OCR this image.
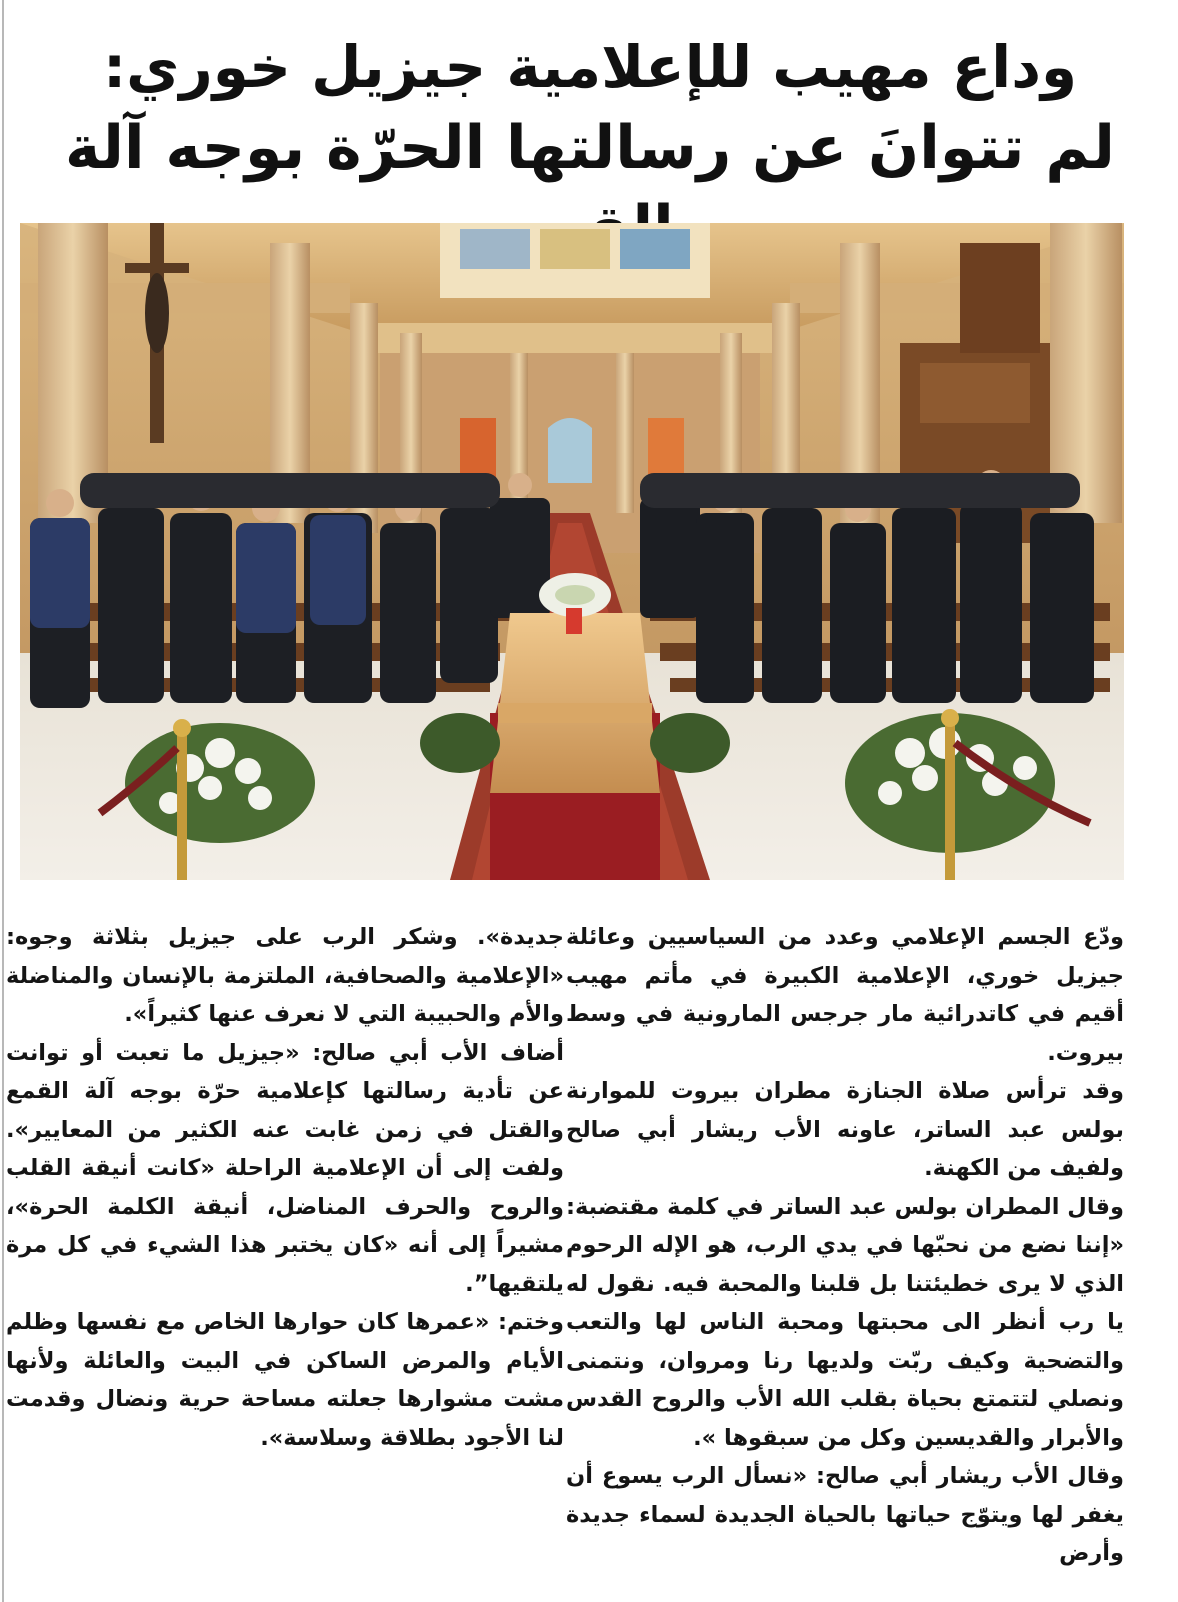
وداع مهيب للإعلامية جيزيل خوري:
لم تتوانَ عن رسالتها الحرّة بوجه آلة

ودّع الجسم الإعلامي وعدد من السياسيين وعائلة جيزيل خوري، الإعلامية الكبيرة في مأتم مهيب أقيم في كاتدرائية مار جرجس المارونية في وسط بيروت.

وقد ترأس صلاة الجنازة مطران بيروت للموارنة بولس عبد الساتر، عاونه الأب ريشار أبي صالح ولفيف من الكهنة.

وقال المطران بولس عبد الساتر في كلمة مقتضبة: «إننا نضع من نحبّها في يدي الرب، هو الإله الرحوم الذي لا يرى خطيئتنا بل قلبنا والمحبة فيه. نقول له يا رب أنظر الى محبتها ومحبة الناس لها والتعب والتضحية وكيف ربّت ولديها رنا ومروان، ونتمنى ونصلي لتتمتع بحياة بقلب الله الأب والروح القدس والأبرار والقديسين وكل من سبقوها ».

وقال الأب ريشار أبي صالح: «نسأل الرب يسوع أن يغفر لها ويتوّج حياتها بالحياة الجديدة لسماء جديدة وأرض

جديدة». وشكر الرب على جيزيل بثلاثة وجوه: «الإعلامية والصحافية، الملتزمة بالإنسان والمناضلة والأم والحبيبة التي لا نعرف عنها كثيراً».

أضاف الأب أبي صالح: «جيزيل ما تعبت أو توانت عن تأدية رسالتها كإعلامية حرّة بوجه آلة القمع والقتل في زمن غابت عنه الكثير من المعايير». ولفت إلى أن الإعلامية الراحلة «كانت أنيقة القلب والروح والحرف المناضل، أنيقة الكلمة الحرة»، مشيراً إلى أنه «كان يختبر هذا الشيء في كل مرة يلتقيها”.

وختم: «عمرها كان حوارها الخاص مع نفسها وظلم الأيام والمرض الساكن في البيت والعائلة ولأنها مشت مشوارها جعلته مساحة حرية ونضال وقدمت لنا الأجود بطلاقة وسلاسة».
